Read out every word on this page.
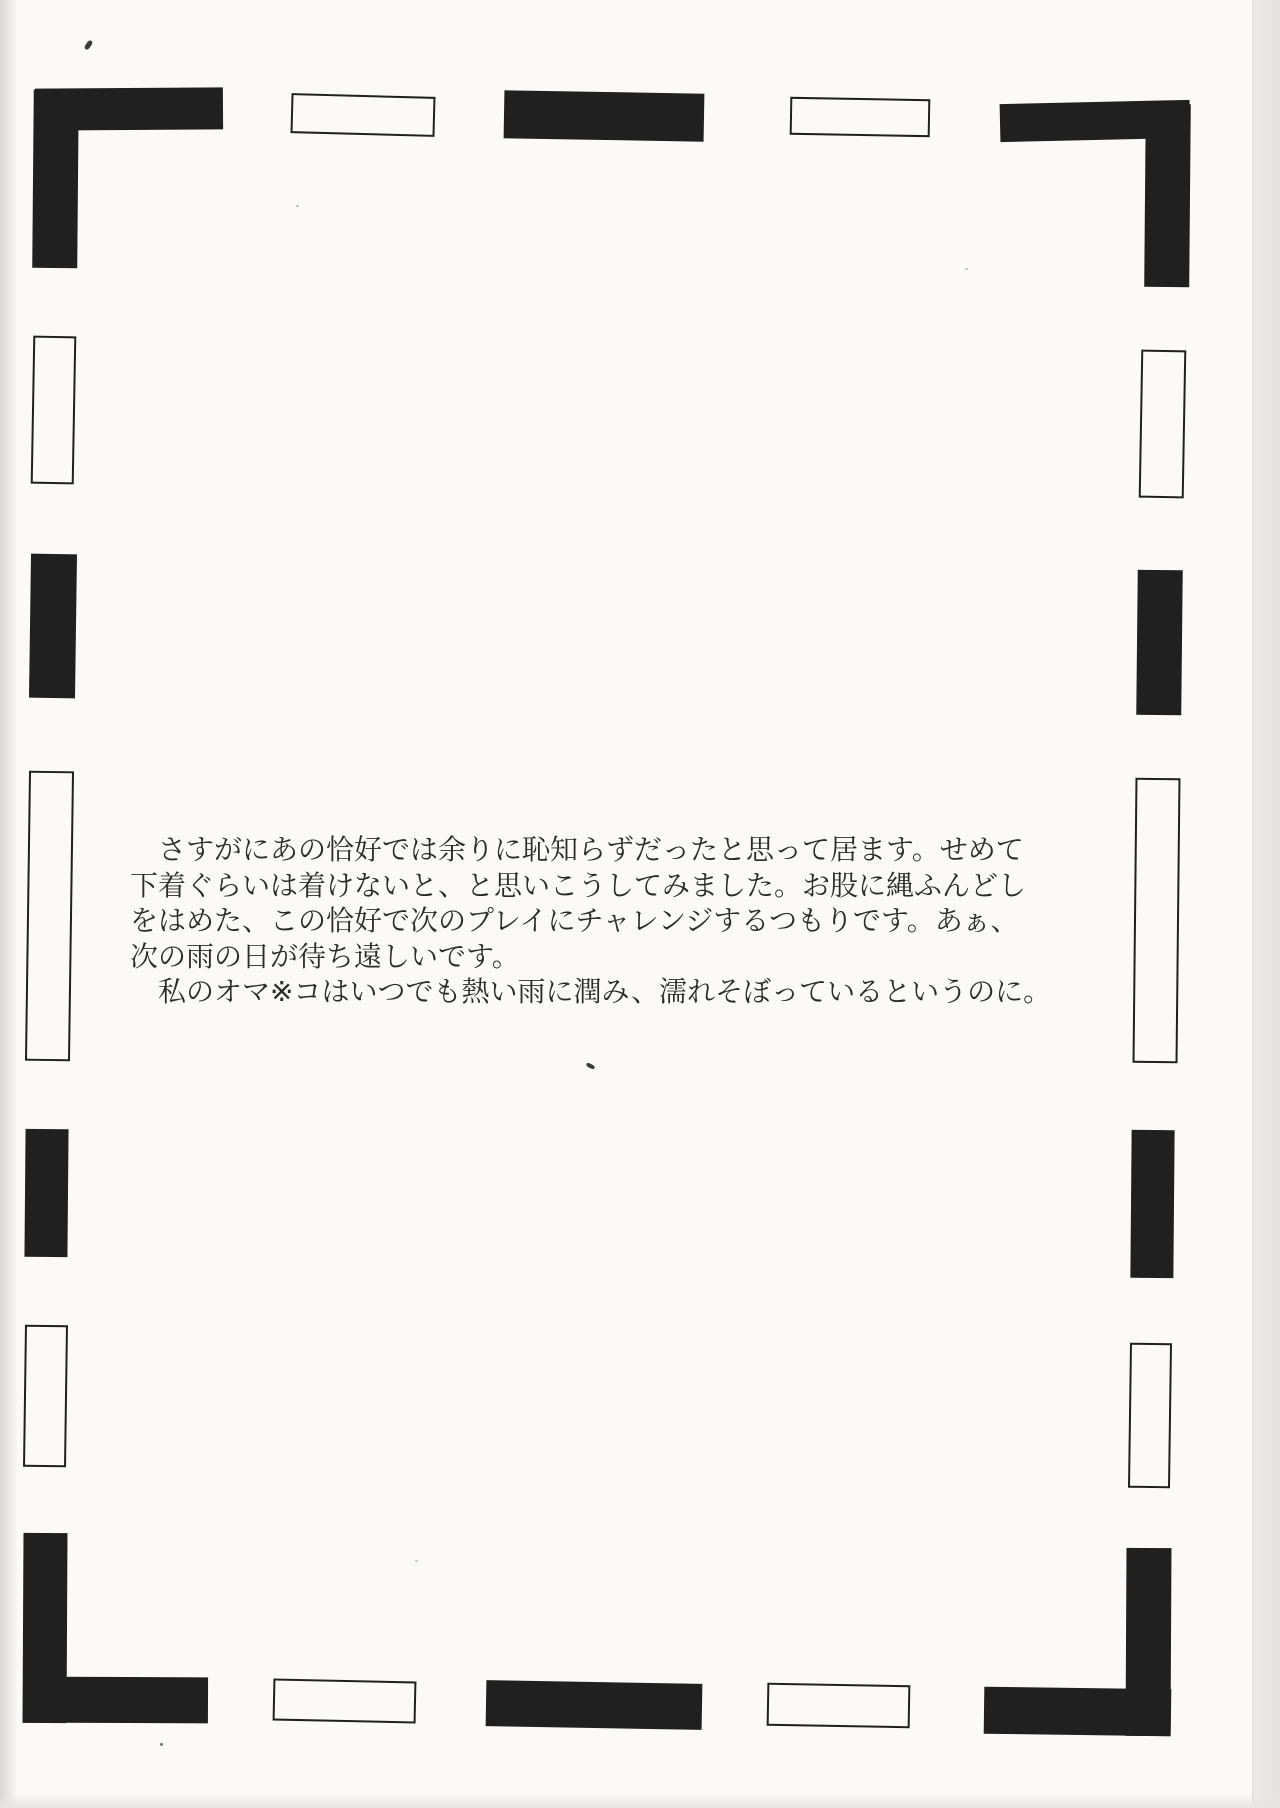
　さすがにあの恰好では余りに恥知らずだったと思って居ます。せめて
下着ぐらいは着けないと、と思いこうしてみました。お股に縄ふんどし
をはめた、この恰好で次のプレイにチャレンジするつもりです。あぁ、
次の雨の日が待ち遠しいです。
　私のオマ※コはいつでも熱い雨に潤み、濡れそぼっているというのに。
